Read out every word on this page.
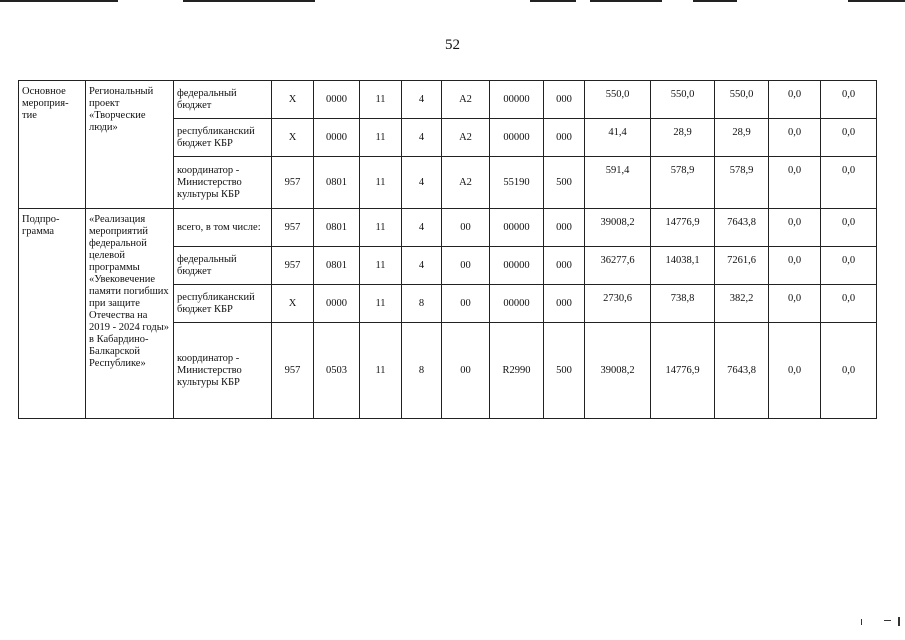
52
Основное мероприя-тие	Региональный проект «Творческие люди»	федеральный бюджет	X	0000	11	4	A2	00000	000	550,0	550,0	550,0	0,0	0,0
		республиканский бюджет КБР	X	0000	11	4	A2	00000	000	41,4	28,9	28,9	0,0	0,0
		координатор - Министерство культуры КБР	957	0801	11	4	A2	55190	500	591,4	578,9	578,9	0,0	0,0
Подпро-грамма	«Реализация мероприятий федеральной целевой программы «Увековечение памяти погибших при защите Отечества на 2019 - 2024 годы» в Кабардино-Балкарской Республике»	всего, в том числе:	957	0801	11	4	00	00000	000	39008,2	14776,9	7643,8	0,0	0,0
		федеральный бюджет	957	0801	11	4	00	00000	000	36277,6	14038,1	7261,6	0,0	0,0
		республиканский бюджет КБР	X	0000	11	8	00	00000	000	2730,6	738,8	382,2	0,0	0,0
		координатор - Министерство культуры КБР	957	0503	11	8	00	R2990	500	39008,2	14776,9	7643,8	0,0	0,0
